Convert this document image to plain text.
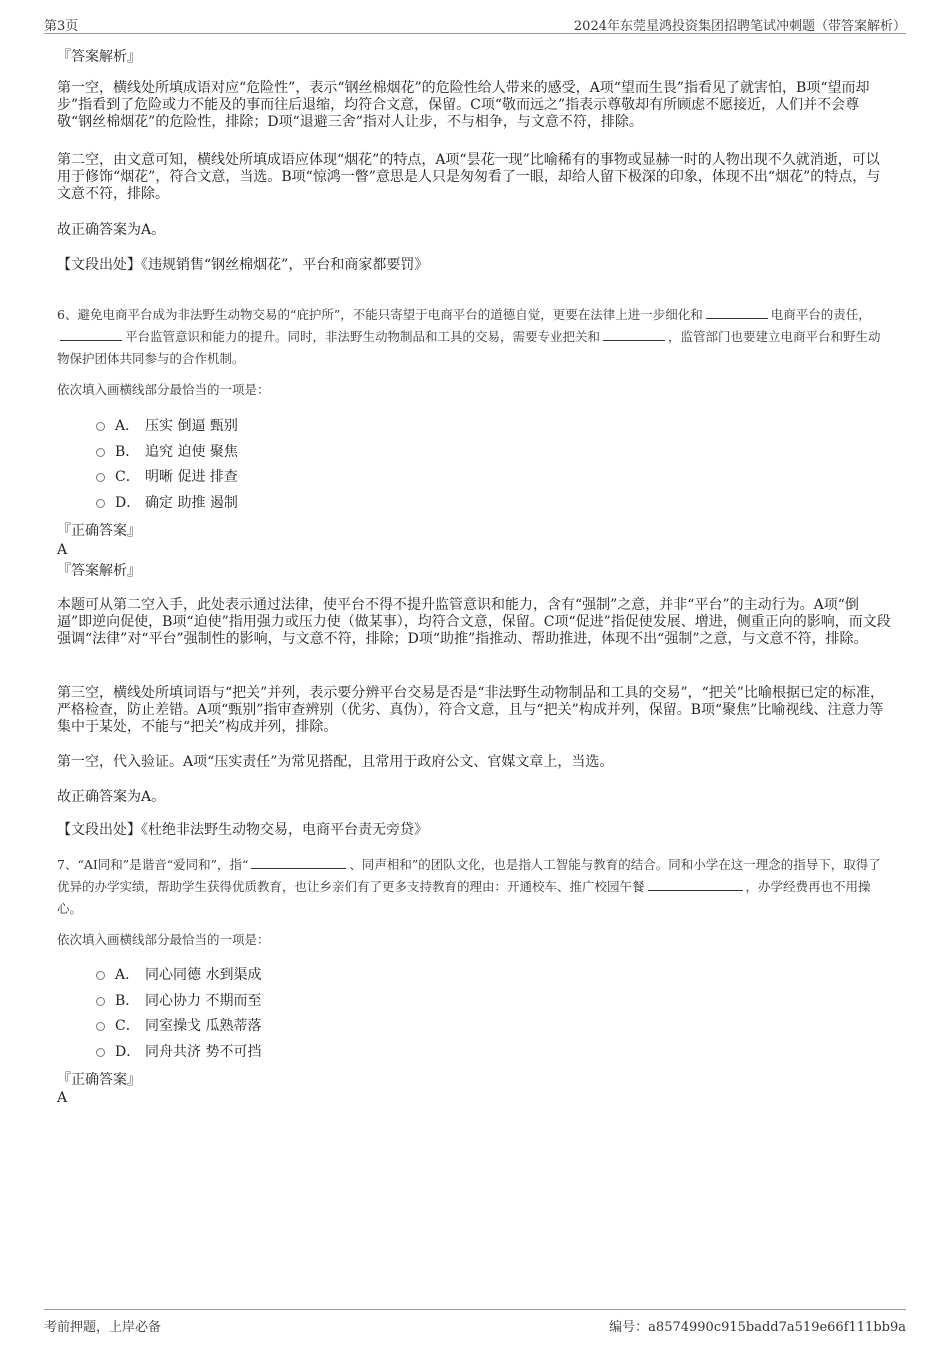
第3页	2024年东莞星鸿投资集团招聘笔试冲刺题（带答案解析）

『答案解析』

第一空，横线处所填成语对应“危险性”，表示“钢丝棉烟花”的危险性给人带来的感受，A项“望而生畏”指看见了就害怕，B项“望而却步”指看到了危险或力不能及的事而往后退缩，均符合文意，保留。C项“敬而远之”指表示尊敬却有所顾虑不愿接近，人们并不会尊敬“钢丝棉烟花”的危险性，排除；D项“退避三舍”指对人让步，不与相争，与文意不符，排除。

第二空，由文意可知，横线处所填成语应体现“烟花”的特点，A项“昙花一现”比喻稀有的事物或显赫一时的人物出现不久就消逝，可以用于修饰“烟花”，符合文意，当选。B项“惊鸿一瞥”意思是人只是匆匆看了一眼，却给人留下极深的印象，体现不出“烟花”的特点，与文意不符，排除。

故正确答案为A。

【文段出处】《违规销售“钢丝棉烟花”，平台和商家都要罚》

6、避免电商平台成为非法野生动物交易的“庇护所”，不能只寄望于电商平台的道德自觉，更要在法律上进一步细化和	电商平台的责任，平台监管意识和能力的提升。同时，非法野生动物制品和工具的交易，需要专业把关和	，监管部门也要建立电商平台和野生动物保护团体共同参与的合作机制。

依次填入画横线部分最恰当的一项是：

A． 压实 倒逼 甄别
B． 追究 迫使 聚焦
C． 明晰 促进 排查
D． 确定 助推 遏制

『正确答案』

A

『答案解析』

本题可从第二空入手，此处表示通过法律，使平台不得不提升监管意识和能力，含有“强制”之意，并非“平台”的主动行为。A项“倒逼”即逆向促使，B项“迫使”指用强力或压力使（做某事），均符合文意，保留。C项“促进”指促使发展、增进，侧重正向的影响，而文段强调“法律”对“平台”强制性的影响，与文意不符，排除；D项“助推”指推动、帮助推进，体现不出“强制”之意，与文意不符，排除。

第三空，横线处所填词语与“把关”并列，表示要分辨平台交易是否是“非法野生动物制品和工具的交易”，“把关”比喻根据已定的标准，严格检查，防止差错。A项“甄别”指审查辨别（优劣、真伪），符合文意，且与“把关”构成并列，保留。B项“聚焦”比喻视线、注意力等集中于某处，不能与“把关”构成并列，排除。

第一空，代入验证。A项“压实责任”为常见搭配，且常用于政府公文、官媒文章上，当选。

故正确答案为A。

【文段出处】《杜绝非法野生动物交易，电商平台责无旁贷》

7、“AI同和”是谐音“爱同和”，指“	、同声相和”的团队文化，也是指人工智能与教育的结合。同和小学在这一理念的指导下，取得了优异的办学实绩，帮助学生获得优质教育，也让乡亲们有了更多支持教育的理由：开通校车、推广校园午餐	，办学经费再也不用操心。

依次填入画横线部分最恰当的一项是：

A． 同心同德 水到渠成
B． 同心协力 不期而至
C． 同室操戈 瓜熟蒂落
D． 同舟共济 势不可挡

『正确答案』

A

考前押题，上岸必备	编号：a8574990c915badd7a519e66f111bb9a
